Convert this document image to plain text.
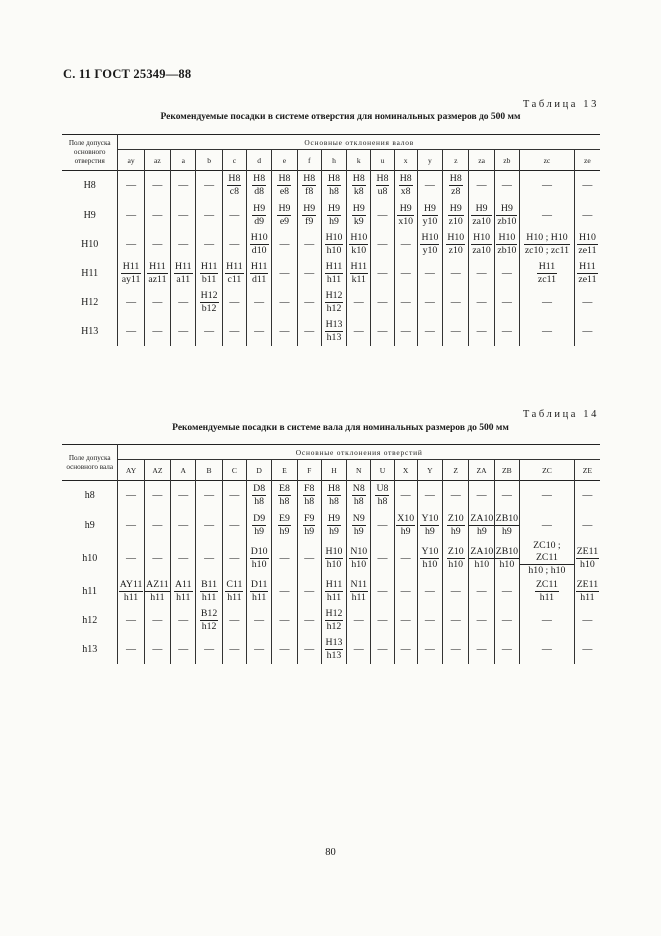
С. 11 ГОСТ 25349—88
Таблица 13
Рекомендуемые посадки в системе отверстия для номинальных размеров до 500 мм
Поле допуска основного отверстия	Основные отклонения валов																	
	ay	az	a	b	c	d	e	f	h	k	u	x	y	z	za	zb	zc	ze
H8	—	—	—	—	$\frac{H8}{c8}$	$\frac{H8}{d8}$	$\frac{H8}{e8}$	$\frac{H8}{f8}$	$\frac{H8}{h8}$	$\frac{H8}{k8}$	$\frac{H8}{u8}$	$\frac{H8}{x8}$	—	$\frac{H8}{z8}$	—	—	—	—
H9	—	—	—	—	—	$\frac{H9}{d9}$	$\frac{H9}{e9}$	$\frac{H9}{f9}$	$\frac{H9}{h9}$	$\frac{H9}{k9}$	—	$\frac{H9}{x10}$	$\frac{H9}{y10}$	$\frac{H9}{z10}$	$\frac{H9}{za10}$	$\frac{H9}{zb10}$	—	—
H10	—	—	—	—	—	$\frac{H10}{d10}$	—	—	$\frac{H10}{h10}$	$\frac{H10}{k10}$	—	—	$\frac{H10}{y10}$	$\frac{H10}{z10}$	$\frac{H10}{za10}$	$\frac{H10}{zb10}$	$\frac{H10 ; H10}{zc10 ; zc11}$	$\frac{H10}{ze11}$

H11	$\frac{H11}{ay11}$	$\frac{H11}{az11}$	$\frac{H11}{a11}$	$\frac{H11}{b11}$	$\frac{H11}{c11}$	$\frac{H11}{d11}$	—	—	$\frac{H11}{h11}$	$\frac{H11}{k11}$	—	—	—	—	—	—	$\frac{H11}{zc11}$	$\frac{H11}{ze11}$

H12	—	—	—	$\frac{H12}{b12}$	—	—	—	—	$\frac{H12}{h12}$	—	—	—	—	—	—	—	—	—
H13	—	—	—	—	—	—	—	—	$\frac{H13}{h13}$	—	—	—	—	—	—	—	—	—
Таблица 14
Рекомендуемые посадки в системе вала для номинальных размеров до 500 мм
Поле допуска основного вала	Основные отклонения отверстий																	
	AY	AZ	A	B	C	D	E	F	H	N	U	X	Y	Z	ZA	ZB	ZC	ZE
h8	—	—	—	—	—	$\frac{D8}{h8}$	$\frac{E8}{h8}$	$\frac{F8}{h8}$	$\frac{H8}{h8}$	$\frac{N8}{h8}$	$\frac{U8}{h8}$	—	—	—	—	—	—	—
h9	—	—	—	—	—	$\frac{D9}{h9}$	$\frac{E9}{h9}$	$\frac{F9}{h9}$	$\frac{H9}{h9}$	$\frac{N9}{h9}$	—	$\frac{X10}{h9}$	$\frac{Y10}{h9}$	$\frac{Z10}{h9}$	$\frac{ZA10}{h9}$	$\frac{ZB10}{h9}$	—	—
h10	—	—	—	—	—	$\frac{D10}{h10}$	—	—	$\frac{H10}{h10}$	$\frac{N10}{h10}$	—	—	$\frac{Y10}{h10}$	$\frac{Z10}{h10}$	$\frac{ZA10}{h10}$	$\frac{ZB10}{h10}$	$\frac{ZC10 ; ZC11}{h10 ; h10}$	$\frac{ZE11}{h10}$

h11	$\frac{AY11}{h11}$	$\frac{AZ11}{h11}$	$\frac{A11}{h11}$	$\frac{B11}{h11}$	$\frac{C11}{h11}$	$\frac{D11}{h11}$	—	—	$\frac{H11}{h11}$	$\frac{N11}{h11}$	—	—	—	—	—	—	$\frac{ZC11}{h11}$	$\frac{ZE11}{h11}$

h12	—	—	—	$\frac{B12}{h12}$	—	—	—	—	$\frac{H12}{h12}$	—	—	—	—	—	—	—	—	—
h13	—	—	—	—	—	—	—	—	$\frac{H13}{h13}$	—	—	—	—	—	—	—	—	—
80
